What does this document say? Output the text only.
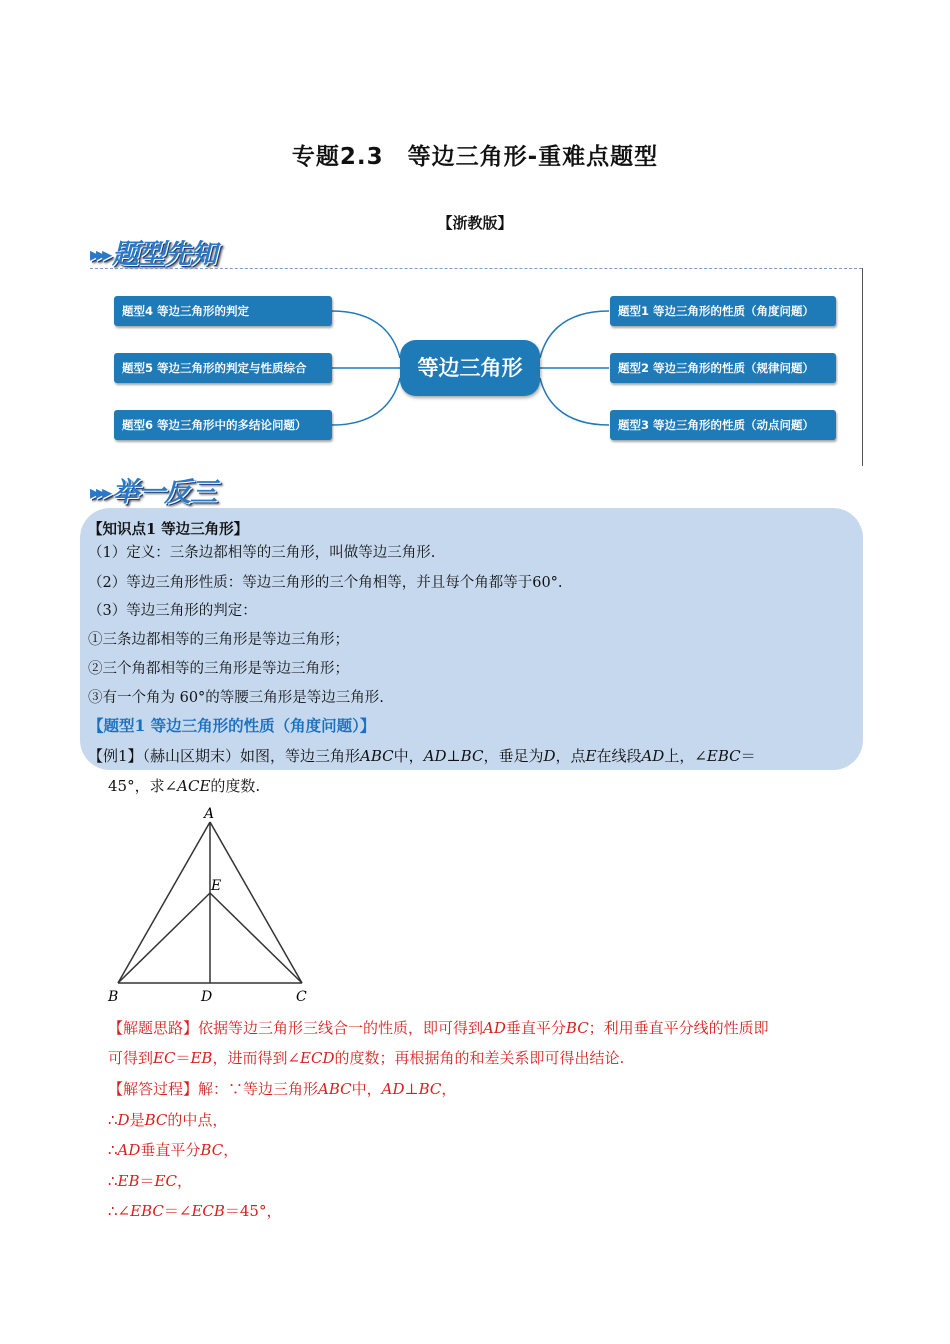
专题2.3　等边三角形-重难点题型
【浙教版】
▸▸▸ 题型先知
题型4 等边三角形的判定
题型5 等边三角形的判定与性质综合
题型6 等边三角形中的多结论问题）
等边三角形
题型1 等边三角形的性质（角度问题）
题型2 等边三角形的性质（规律问题）
题型3 等边三角形的性质（动点问题）
▸▸▸ 举一反三
【知识点1 等边三角形】
（1）定义：三条边都相等的三角形，叫做等边三角形.
（2）等边三角形性质：等边三角形的三个角相等，并且每个角都等于60°.
（3）等边三角形的判定：
①三条边都相等的三角形是等边三角形；
②三个角都相等的三角形是等边三角形；
③有一个角为 60°的等腰三角形是等边三角形.
【题型1 等边三角形的性质（角度问题）】
【例1】（赫山区期末）如图，等边三角形ABC中，AD⊥BC，垂足为D，点E在线段AD上，∠EBC＝
45°，求∠ACE的度数.
A
E
B	D	C
【解题思路】依据等边三角形三线合一的性质，即可得到AD垂直平分BC；利用垂直平分线的性质即
可得到EC＝EB，进而得到∠ECD的度数；再根据角的和差关系即可得出结论.
【解答过程】解：∵等边三角形ABC中，AD⊥BC，
∴D是BC的中点，
∴AD垂直平分BC，
∴EB＝EC，
∴∠EBC＝∠ECB＝45°，
